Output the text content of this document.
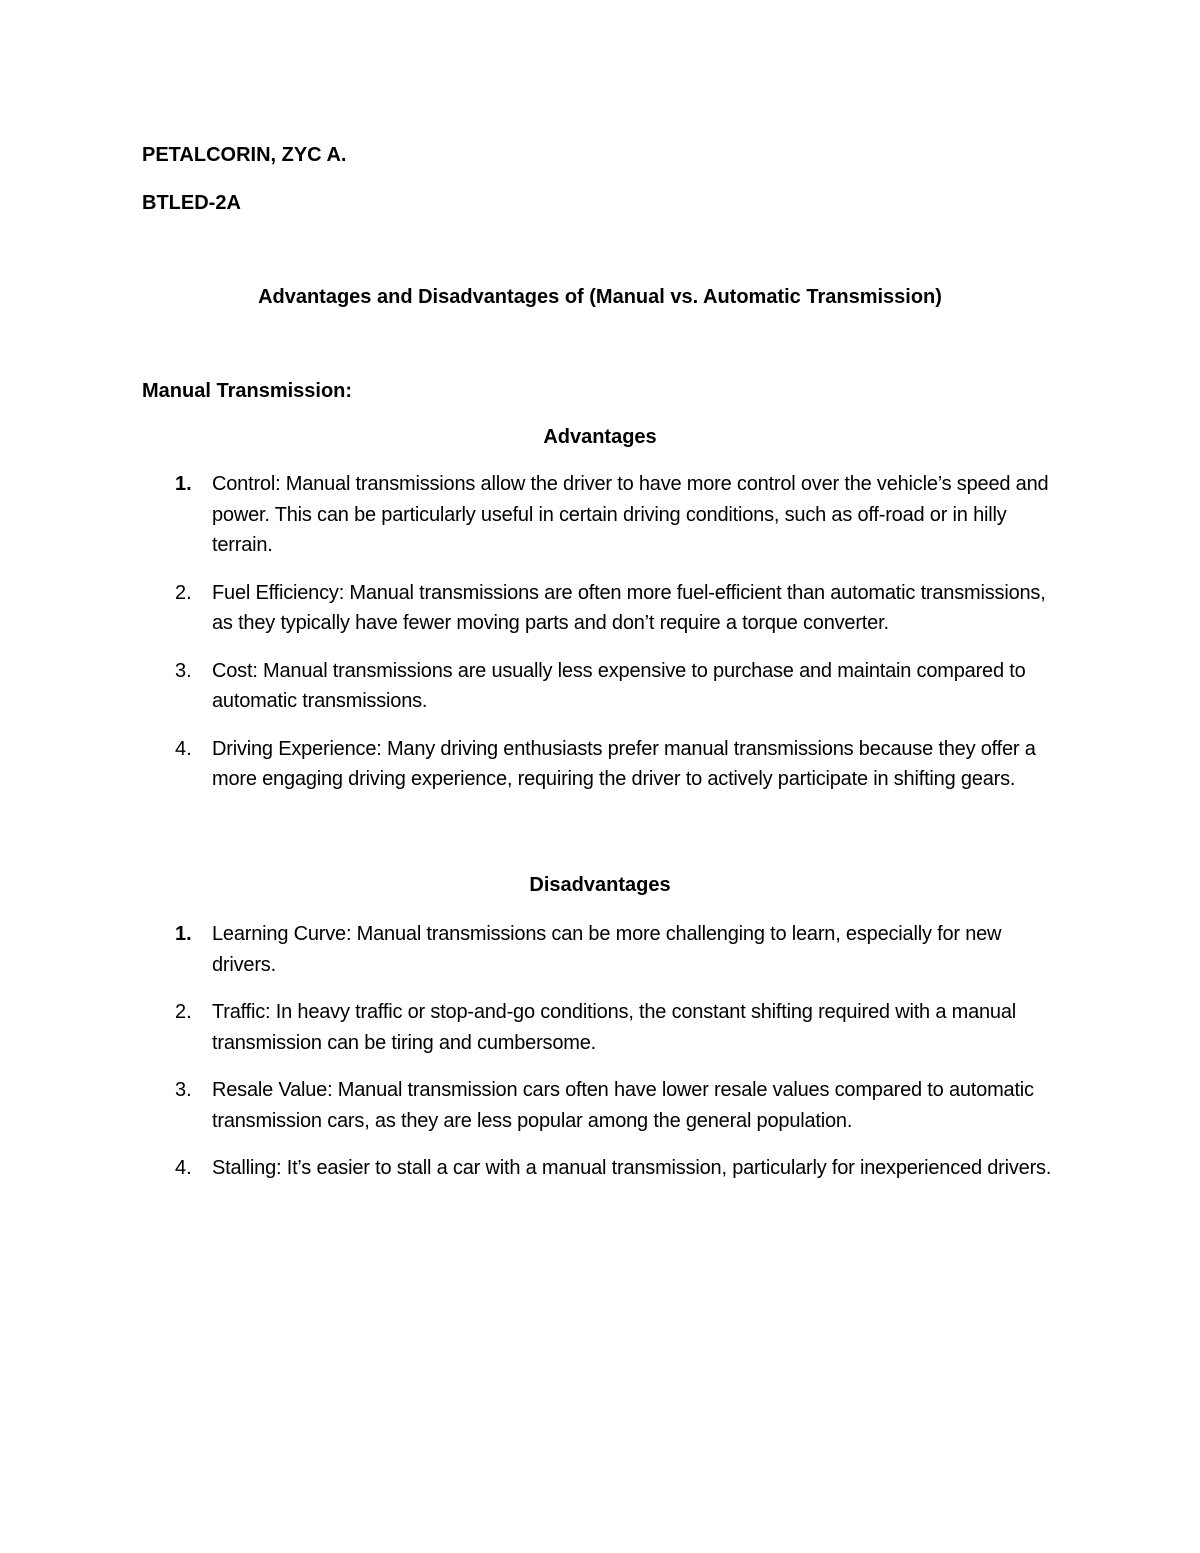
PETALCORIN, ZYC A.
BTLED-2A
Advantages and Disadvantages of (Manual vs. Automatic Transmission)
Manual Transmission:
Advantages
1. Control: Manual transmissions allow the driver to have more control over the vehicle’s speed and power. This can be particularly useful in certain driving conditions, such as off-road or in hilly terrain.
2. Fuel Efficiency: Manual transmissions are often more fuel-efficient than automatic transmissions, as they typically have fewer moving parts and don’t require a torque converter.
3. Cost: Manual transmissions are usually less expensive to purchase and maintain compared to automatic transmissions.
4. Driving Experience: Many driving enthusiasts prefer manual transmissions because they offer a more engaging driving experience, requiring the driver to actively participate in shifting gears.
Disadvantages
1. Learning Curve: Manual transmissions can be more challenging to learn, especially for new drivers.
2. Traffic: In heavy traffic or stop-and-go conditions, the constant shifting required with a manual transmission can be tiring and cumbersome.
3. Resale Value: Manual transmission cars often have lower resale values compared to automatic transmission cars, as they are less popular among the general population.
4. Stalling: It’s easier to stall a car with a manual transmission, particularly for inexperienced drivers.
